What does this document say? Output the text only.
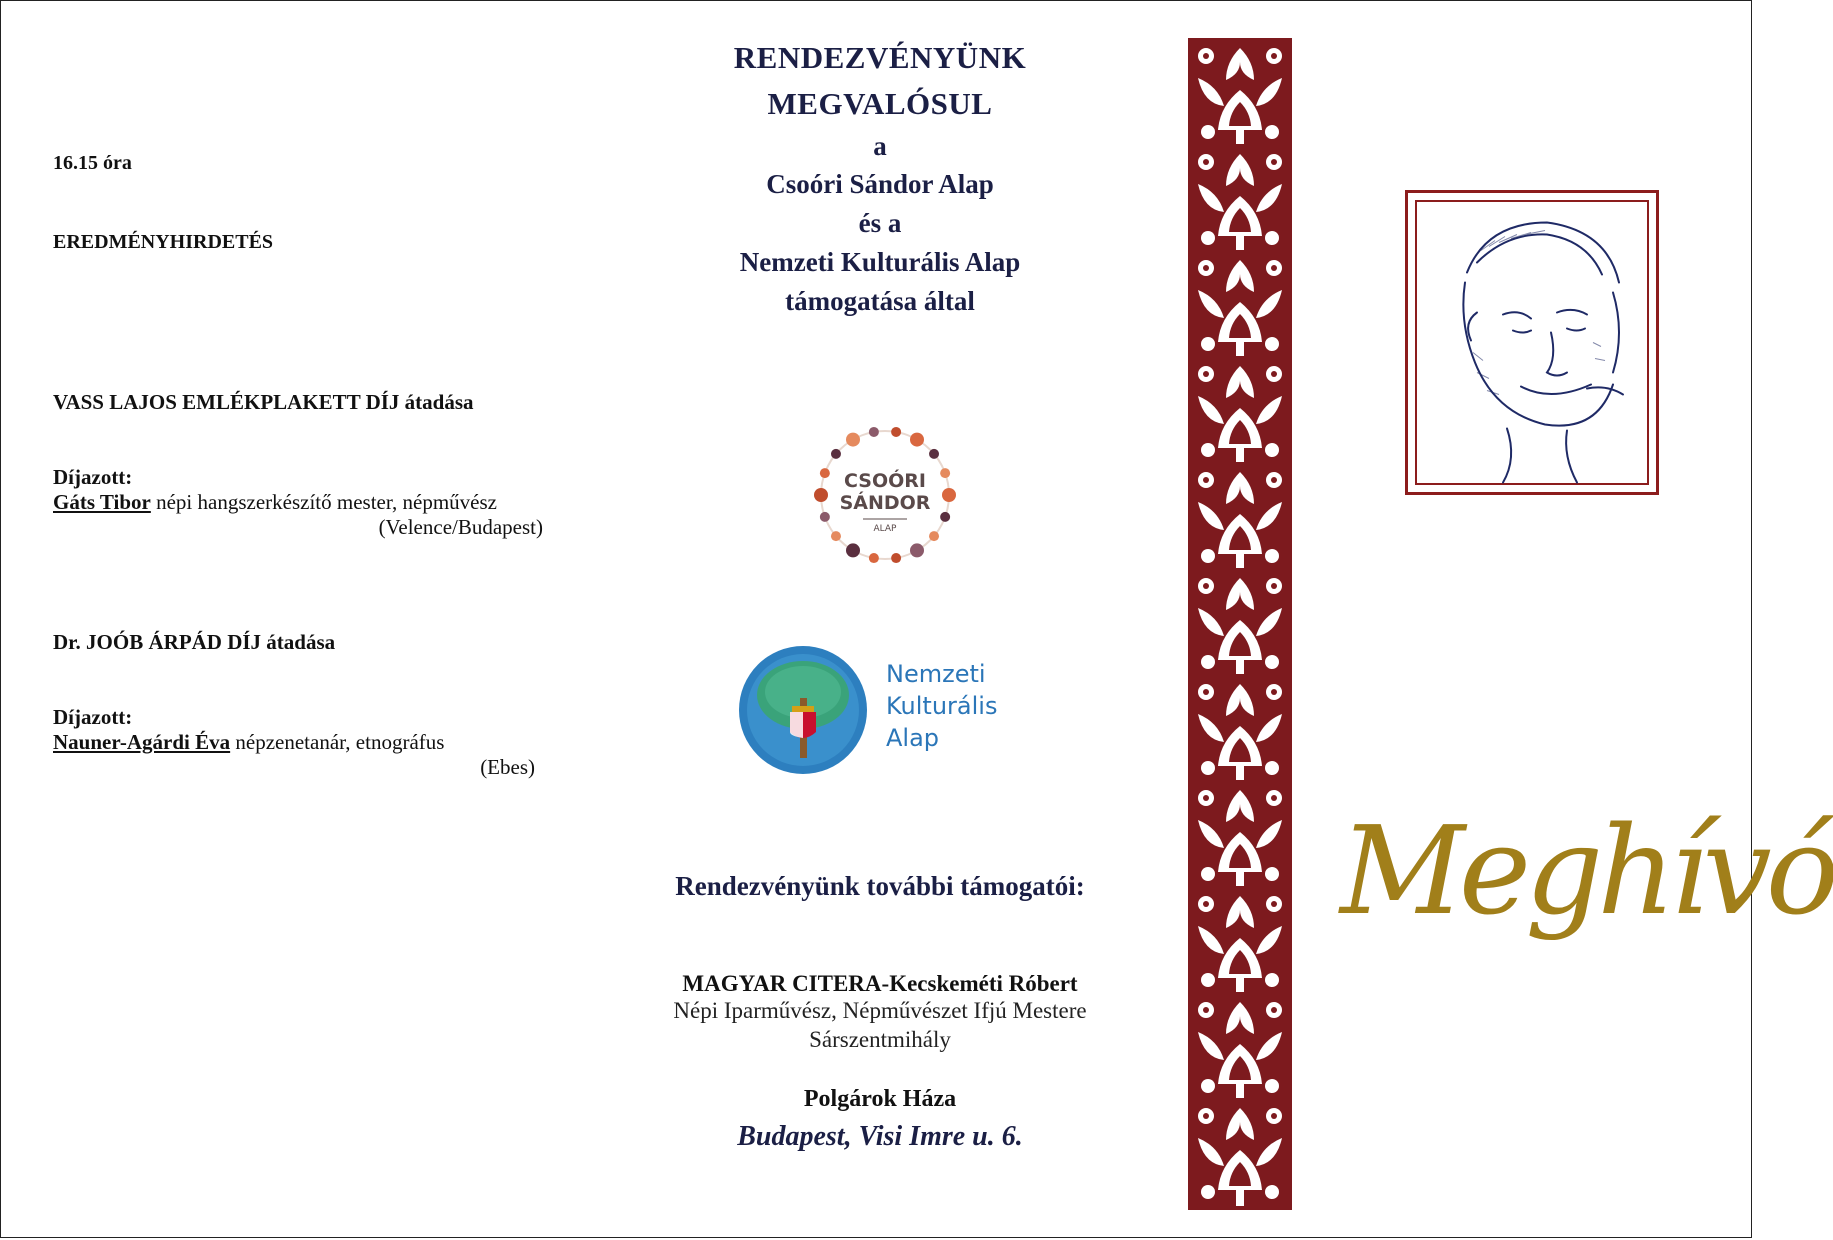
16.15 óra
EREDMÉNYHIRDETÉS
VASS LAJOS EMLÉKPLAKETT DÍJ átadása
Díjazott:
Gáts Tibor népi hangszerkészítő mester, népművész
(Velence/Budapest)
Dr. JOÓB ÁRPÁD DÍJ átadása
Díjazott:
Nauner-Agárdi Éva népzenetanár, etnográfus
(Ebes)
RENDEZVÉNYÜNK
MEGVALÓSUL
a
Csoóri Sándor Alap
és a
Nemzeti Kulturális Alap
támogatása által
Rendezvényünk további támogatói:
MAGYAR CITERA-Kecskeméti Róbert
Népi Iparművész, Népművészet Ifjú Mestere
Sárszentmihály
Polgárok Háza
Budapest, Visi Imre u. 6.
CSOÓRI
SÁNDOR
ALAP
Nemzeti
Kulturális
Alap
Meghívó
